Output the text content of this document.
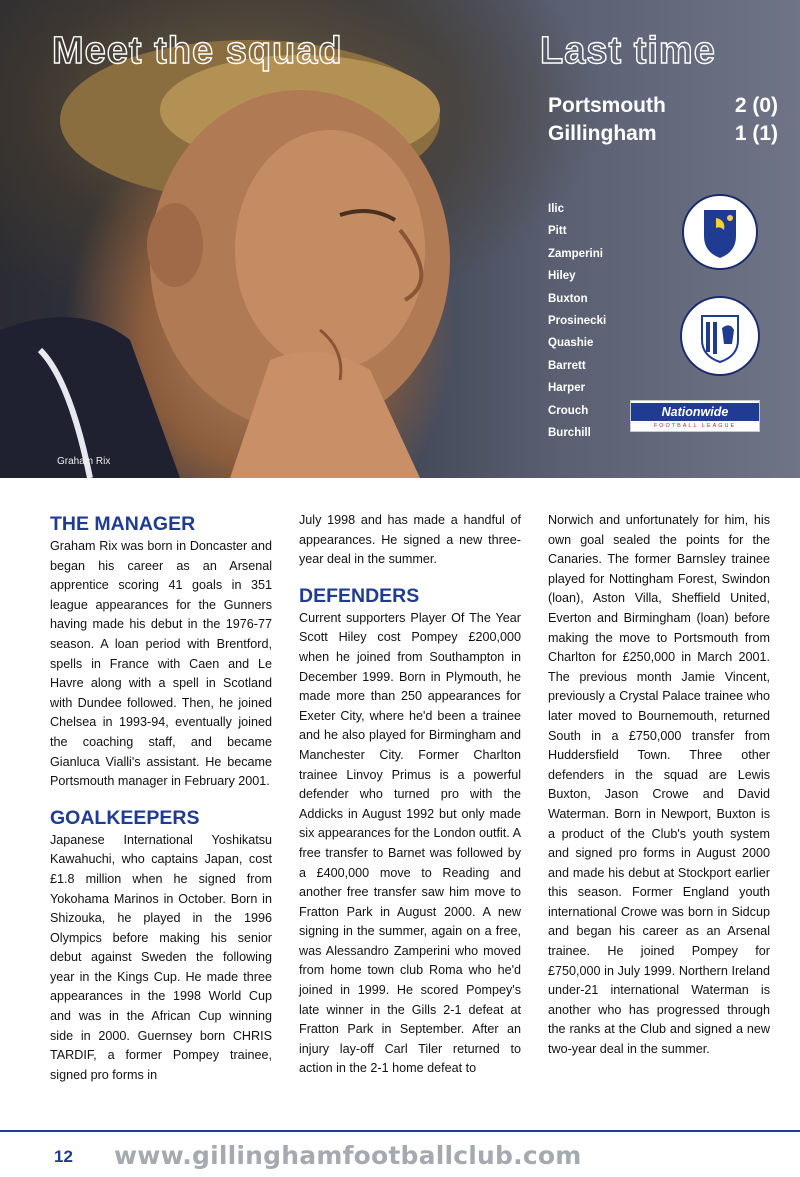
Meet the squad	Last time
Portsmouth	2 (0)
Gillingham	1 (1)
Ilic
Pitt
Zamperini
Hiley
Buxton
Prosinecki
Quashie
Barrett
Harper
Crouch
Burchill
Nationwide
FOOTBALL LEAGUE
Graham Rix
THE MANAGER

Graham Rix was born in Doncaster and began his career as an Arsenal apprentice scoring 41 goals in 351 league appearances for the Gunners having made his debut in the 1976-77 season. A loan period with Brentford, spells in France with Caen and Le Havre along with a spell in Scotland with Dundee followed. Then, he joined Chelsea in 1993-94, eventually joined the coaching staff, and became Gianluca Vialli's assistant. He became Portsmouth manager in February 2001.

GOALKEEPERS

Japanese International Yoshikatsu Kawahuchi, who captains Japan, cost £1.8 million when he signed from Yokohama Marinos in October. Born in Shizouka, he played in the 1996 Olympics before making his senior debut against Sweden the following year in the Kings Cup. He made three appearances in the 1998 World Cup and was in the African Cup winning side in 2000. Guernsey born CHRIS TARDIF, a former Pompey trainee, signed pro forms in

July 1998 and has made a handful of appearances. He signed a new three-year deal in the summer.

DEFENDERS

Current supporters Player Of The Year Scott Hiley cost Pompey £200,000 when he joined from Southampton in December 1999. Born in Plymouth, he made more than 250 appearances for Exeter City, where he'd been a trainee and he also played for Birmingham and Manchester City. Former Charlton trainee Linvoy Primus is a powerful defender who turned pro with the Addicks in August 1992 but only made six appearances for the London outfit. A free transfer to Barnet was followed by a £400,000 move to Reading and another free transfer saw him move to Fratton Park in August 2000. A new signing in the summer, again on a free, was Alessandro Zamperini who moved from home town club Roma who he'd joined in 1999. He scored Pompey's late winner in the Gills 2-1 defeat at Fratton Park in September. After an injury lay-off Carl Tiler returned to action in the 2-1 home defeat to

Norwich and unfortunately for him, his own goal sealed the points for the Canaries. The former Barnsley trainee played for Nottingham Forest, Swindon (loan), Aston Villa, Sheffield United, Everton and Birmingham (loan) before making the move to Portsmouth from Charlton for £250,000 in March 2001. The previous month Jamie Vincent, previously a Crystal Palace trainee who later moved to Bournemouth, returned South in a £750,000 transfer from Huddersfield Town. Three other defenders in the squad are Lewis Buxton, Jason Crowe and David Waterman. Born in Newport, Buxton is a product of the Club's youth system and signed pro forms in August 2000 and made his debut at Stockport earlier this season. Former England youth international Crowe was born in Sidcup and began his career as an Arsenal trainee. He joined Pompey for £750,000 in July 1999. Northern Ireland under-21 international Waterman is another who has progressed through the ranks at the Club and signed a new two-year deal in the summer.

12 www.gillinghamfootballclub.com
